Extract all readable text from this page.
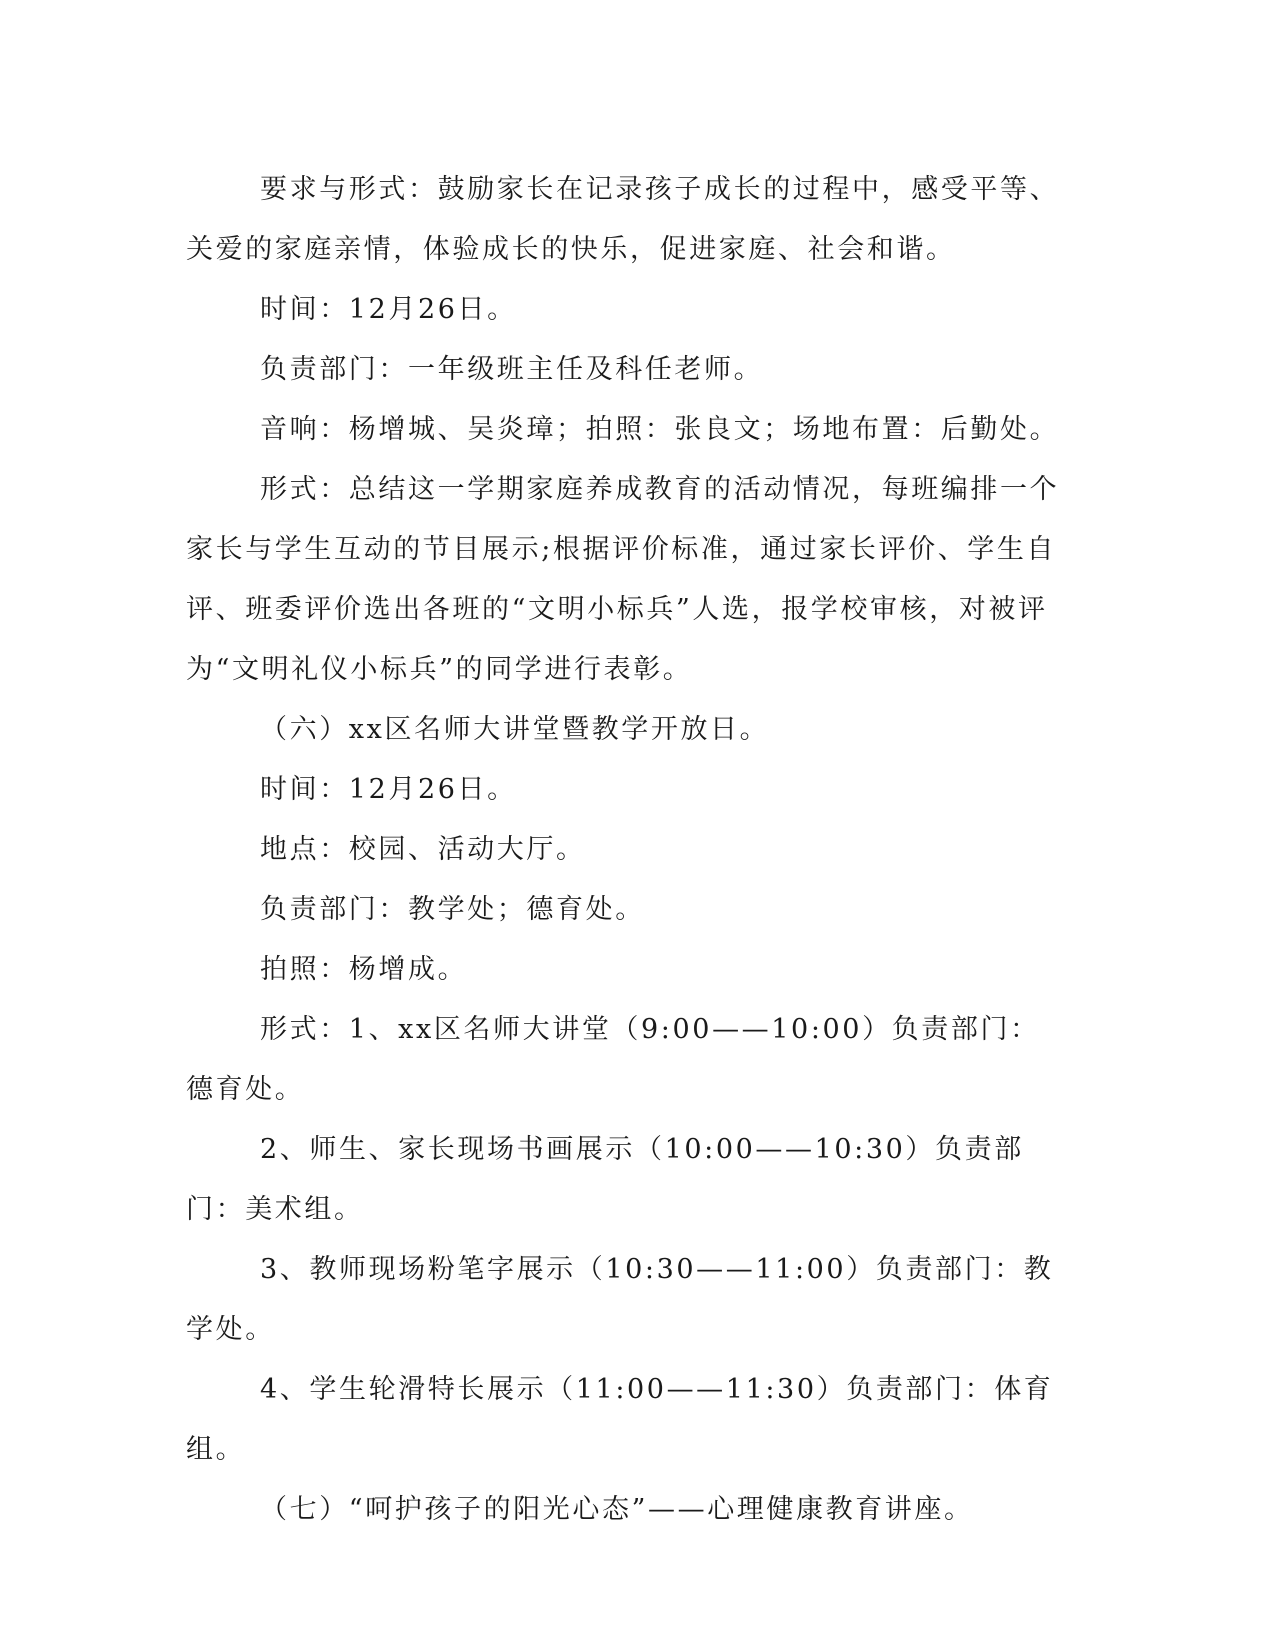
要求与形式：鼓励家长在记录孩子成长的过程中，感受平等、关爱的家庭亲情，体验成长的快乐，促进家庭、社会和谐。

时间：12月26日。

负责部门：一年级班主任及科任老师。

音响：杨增城、吴炎璋；拍照：张良文；场地布置：后勤处。

形式：总结这一学期家庭养成教育的活动情况，每班编排一个家长与学生互动的节目展示;根据评价标准，通过家长评价、学生自评、班委评价选出各班的“文明小标兵”人选，报学校审核，对被评为“文明礼仪小标兵”的同学进行表彰。

（六）xx区名师大讲堂暨教学开放日。

时间：12月26日。

地点：校园、活动大厅。

负责部门：教学处；德育处。

拍照：杨增成。

形式：1、xx区名师大讲堂（9:00——10:00）负责部门：德育处。

2、师生、家长现场书画展示（10:00——10:30）负责部门：美术组。

3、教师现场粉笔字展示（10:30——11:00）负责部门：教学处。

4、学生轮滑特长展示（11:00——11:30）负责部门：体育组。

（七）“呵护孩子的阳光心态”——心理健康教育讲座。
